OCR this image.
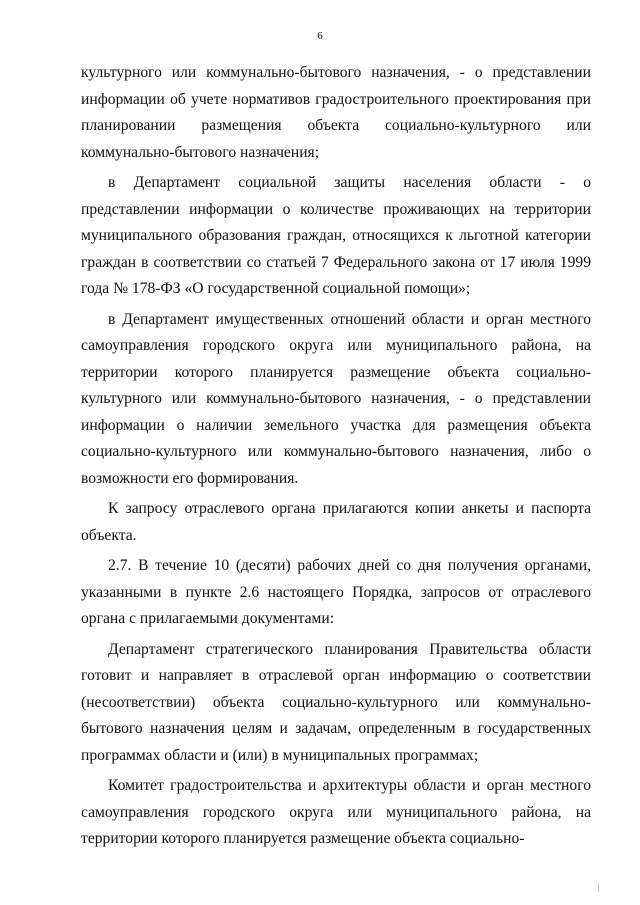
6

культурного или коммунально-бытового назначения, - о представлении информации об учете нормативов градостроительного проектирования при планировании размещения объекта социально-культурного или коммунально-бытового назначения;

в Департамент социальной защиты населения области - о представлении информации о количестве проживающих на территории муниципального образования граждан, относящихся к льготной категории граждан в соответствии со статьей 7 Федерального закона от 17 июля 1999 года № 178-ФЗ «О государственной социальной помощи»;

в Департамент имущественных отношений области и орган местного самоуправления городского округа или муниципального района, на территории которого планируется размещение объекта социально-культурного или коммунально-бытового назначения, - о представлении информации о наличии земельного участка для размещения объекта социально-культурного или коммунально-бытового назначения, либо о возможности его формирования.

К запросу отраслевого органа прилагаются копии анкеты и паспорта объекта.

2.7. В течение 10 (десяти) рабочих дней со дня получения органами, указанными в пункте 2.6 настоящего Порядка, запросов от отраслевого органа с прилагаемыми документами:

Департамент стратегического планирования Правительства области готовит и направляет в отраслевой орган информацию о соответствии (несоответствии) объекта социально-культурного или коммунально-бытового назначения целям и задачам, определенным в государственных программах области и (или) в муниципальных программах;

Комитет градостроительства и архитектуры области и орган местного самоуправления городского округа или муниципального района, на территории которого планируется размещение объекта социально-
